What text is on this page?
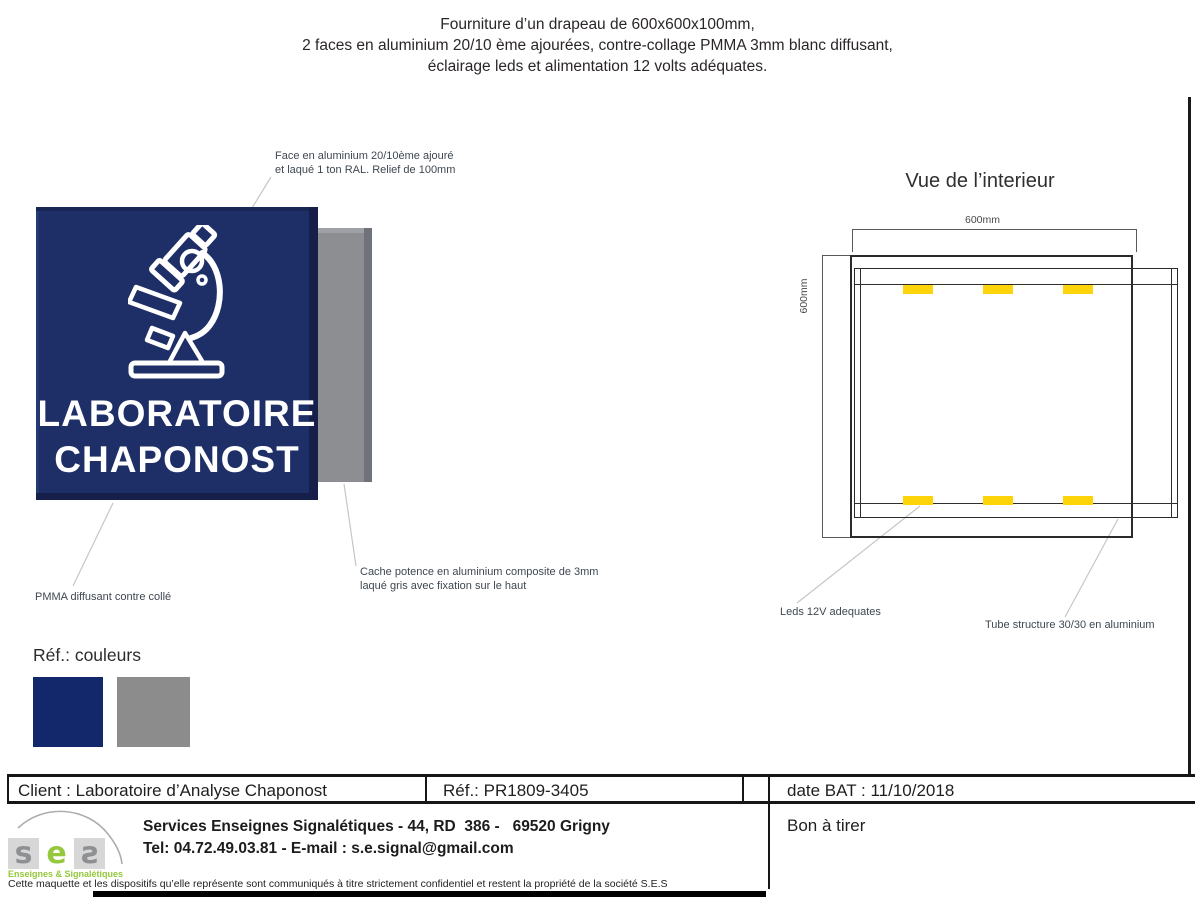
Fourniture d’un drapeau de 600x600x100mm,
2 faces en aluminium 20/10 ème ajourées, contre-collage PMMA 3mm blanc diffusant,
éclairage leds et alimentation 12 volts adéquates.
Face en aluminium 20/10ème ajouré
et laqué 1 ton RAL. Relief de 100mm
LABORATOIRE
CHAPONOST
PMMA diffusant contre collé
Cache potence en aluminium composite de 3mm
laqué gris avec fixation sur le haut
Vue de l’interieur
600mm
600mm
Leds 12V adequates
Tube structure 30/30 en aluminium
Réf.: couleurs
Client : Laboratoire d’Analyse Chaponost	Réf.: PR1809-3405	date BAT : 11/10/2018
Bon à tirer
s e s
Enseignes & Signalétiques
Services Enseignes Signalétiques - 44, RD  386 -   69520 Grigny
Tel: 04.72.49.03.81 - E-mail : s.e.signal@gmail.com
Cette maquette et les dispositifs qu’elle représente sont communiqués à titre strictement confidentiel et restent la propriété de la société S.E.S
